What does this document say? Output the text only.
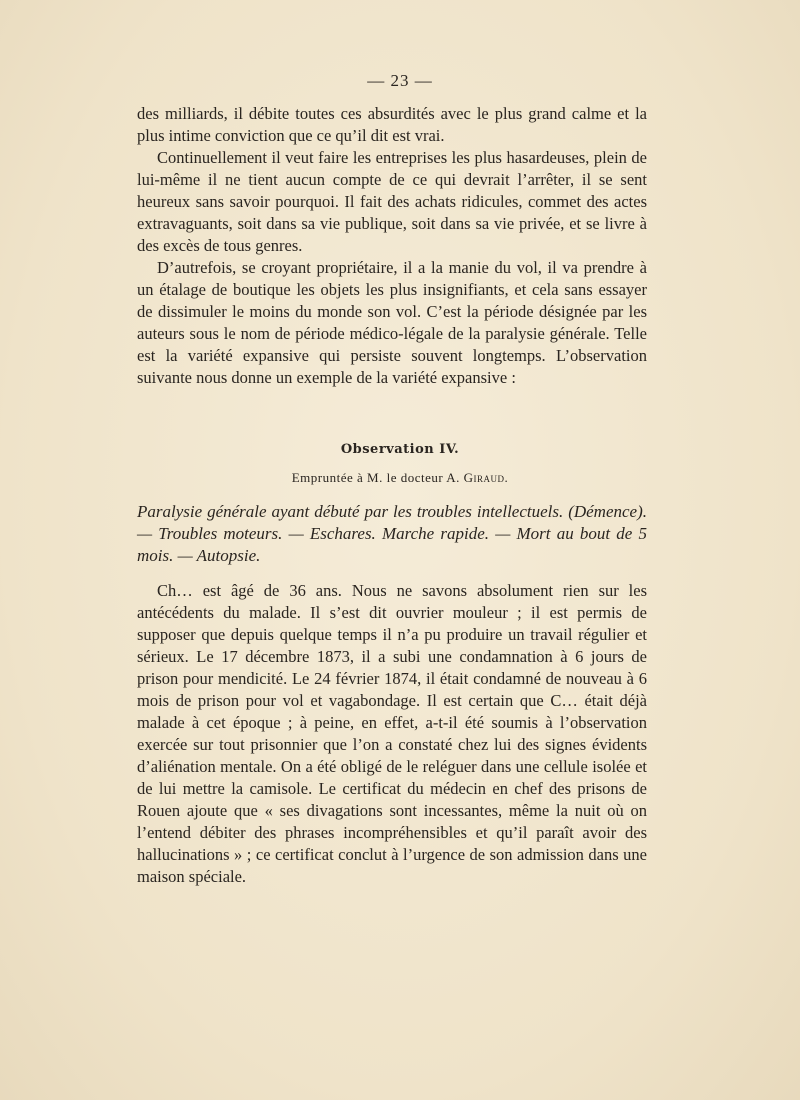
— 23 —

des milliards, il débite toutes ces absurdités avec le plus grand calme et la plus intime conviction que ce qu’il dit est vrai.

Continuellement il veut faire les entreprises les plus hasardeuses, plein de lui-même il ne tient aucun compte de ce qui devrait l’arrêter, il se sent heureux sans savoir pourquoi. Il fait des achats ridicules, commet des actes extravaguants, soit dans sa vie publique, soit dans sa vie privée, et se livre à des excès de tous genres.

D’autrefois, se croyant propriétaire, il a la manie du vol, il va prendre à un étalage de boutique les objets les plus insignifiants, et cela sans essayer de dissimuler le moins du monde son vol. C’est la période désignée par les auteurs sous le nom de période médico-légale de la paralysie générale. Telle est la variété expansive qui persiste souvent longtemps. L’observation suivante nous donne un exemple de la variété expansive :

Observation IV.
Empruntée à M. le docteur A. Giraud.
Paralysie générale ayant débuté par les troubles intellectuels. (Démence). — Troubles moteurs. — Eschares. Marche rapide. — Mort au bout de 5 mois. — Autopsie.

Ch… est âgé de 36 ans. Nous ne savons absolument rien sur les antécédents du malade. Il s’est dit ouvrier mouleur ; il est permis de supposer que depuis quelque temps il n’a pu produire un travail régulier et sérieux. Le 17 décembre 1873, il a subi une condamnation à 6 jours de prison pour mendicité. Le 24 février 1874, il était condamné de nouveau à 6 mois de prison pour vol et vagabondage. Il est certain que C… était déjà malade à cet époque ; à peine, en effet, a-t-il été soumis à l’observation exercée sur tout prisonnier que l’on a constaté chez lui des signes évidents d’aliénation mentale. On a été obligé de le reléguer dans une cellule isolée et de lui mettre la camisole. Le certificat du médecin en chef des prisons de Rouen ajoute que « ses divagations sont incessantes, même la nuit où on l’entend débiter des phrases incompréhensibles et qu’il paraît avoir des hallucinations » ; ce certificat conclut à l’urgence de son admission dans une maison spéciale.
